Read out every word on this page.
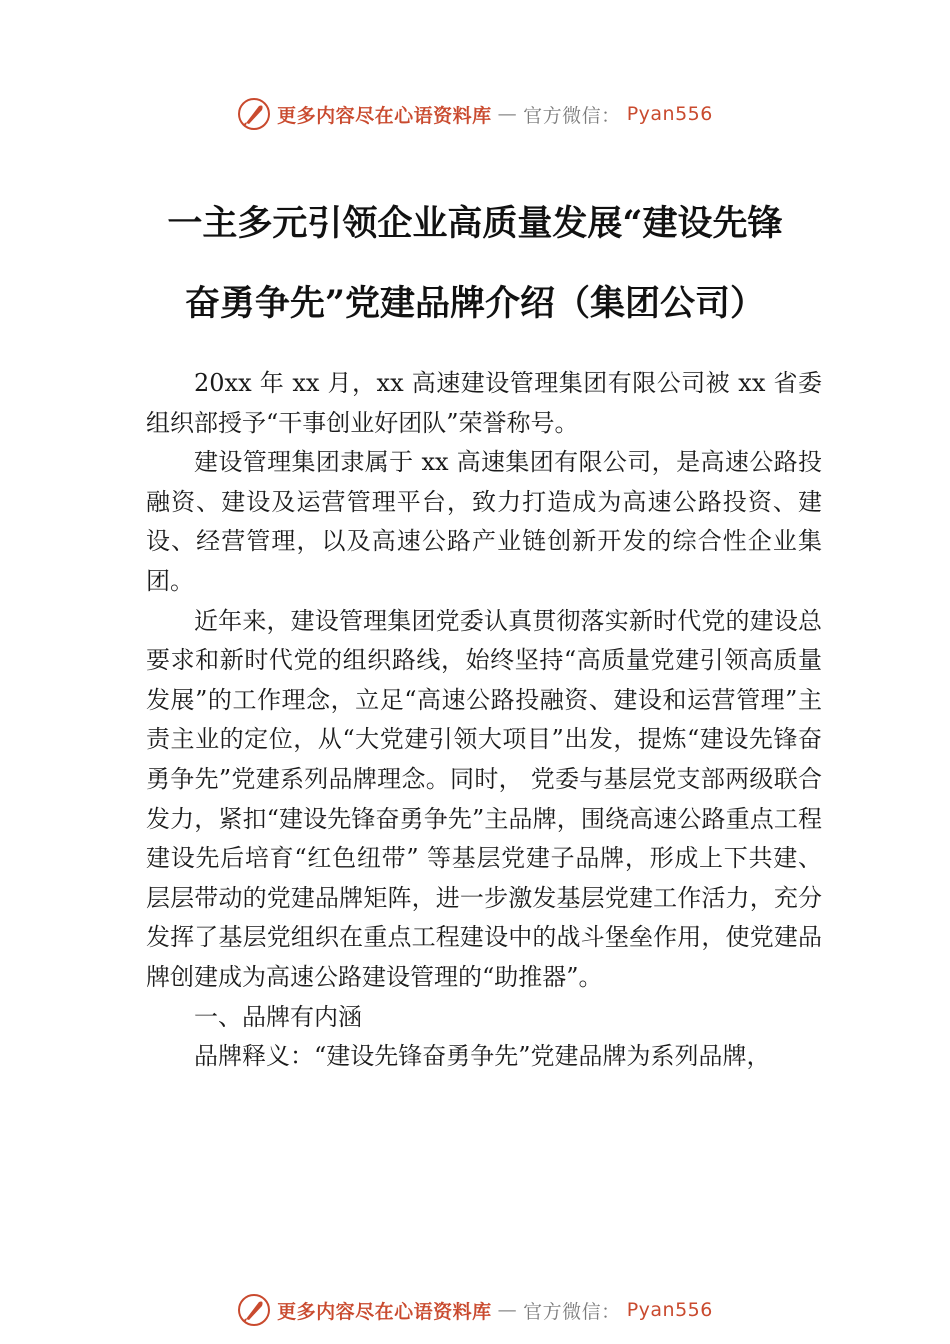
更多内容尽在心语资料库 — 官方微信： Pyan556
一主多元引领企业高质量发展“建设先锋
奋勇争先”党建品牌介绍（集团公司）

20xx 年 xx 月，xx 高速建设管理集团有限公司被 xx 省委组织部授予“干事创业好团队”荣誉称号。

建设管理集团隶属于 xx 高速集团有限公司，是高速公路投融资、建设及运营管理平台，致力打造成为高速公路投资、建设、经营管理，以及高速公路产业链创新开发的综合性企业集团。

近年来，建设管理集团党委认真贯彻落实新时代党的建设总要求和新时代党的组织路线，始终坚持“高质量党建引领高质量发展”的工作理念，立足“高速公路投融资、建设和运营管理”主责主业的定位，从“大党建引领大项目”出发，提炼“建设先锋奋勇争先”党建系列品牌理念。同时， 党委与基层党支部两级联合发力，紧扣“建设先锋奋勇争先”主品牌，围绕高速公路重点工程建设先后培育“红色纽带” 等基层党建子品牌，形成上下共建、层层带动的党建品牌矩阵，进一步激发基层党建工作活力，充分发挥了基层党组织在重点工程建设中的战斗堡垒作用，使党建品牌创建成为高速公路建设管理的“助推器”。

一、品牌有内涵

品牌释义：“建设先锋奋勇争先”党建品牌为系列品牌，

更多内容尽在心语资料库 — 官方微信： Pyan556
